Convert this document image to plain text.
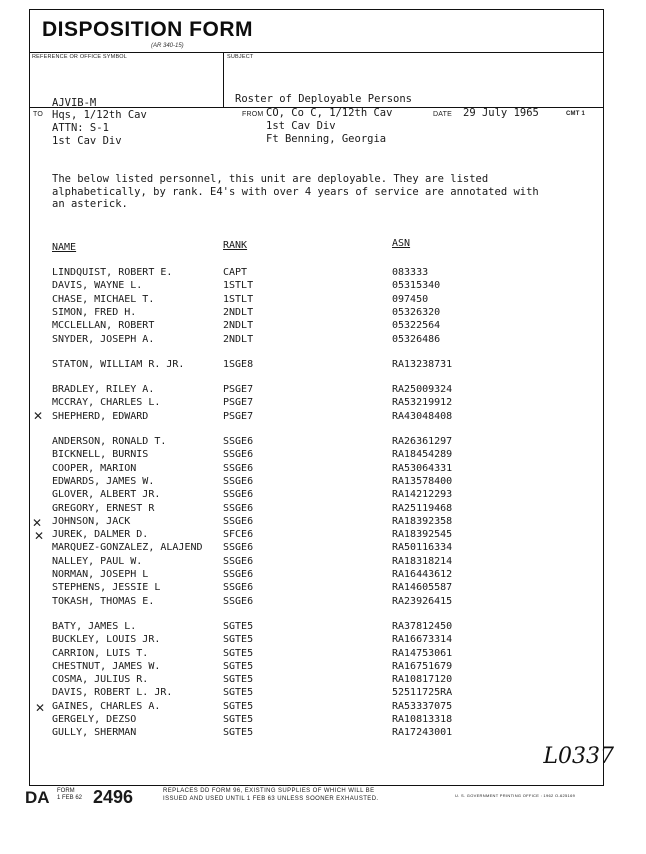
DISPOSITION FORM
(AR 340-15)
REFERENCE OR OFFICE SYMBOL	SUBJECT
AJVIB-M	Roster of Deployable Persons
TO Hqs, 1/12th Cav
ATTN: S-1
1st Cav Div
FROM CO, Co C, 1/12th Cav
1st Cav Div
Ft Benning, Georgia
DATE 29 July 1965	CMT 1
The below listed personnel, this unit are deployable. They are listed
alphabetically, by rank. E4's with over 4 years of service are annotated with
an asterick.
NAME	RANK	ASN
LINDQUIST, ROBERT E.	CAPT	083333
DAVIS, WAYNE L.	1STLT	05315340
CHASE, MICHAEL T.	1STLT	097450
SIMON, FRED H.	2NDLT	05326320
MCCLELLAN, ROBERT	2NDLT	05322564
SNYDER, JOSEPH A.	2NDLT	05326486
STATON, WILLIAM R. JR.	1SGE8	RA13238731
BRADLEY, RILEY A.	PSGE7	RA25009324
MCCRAY, CHARLES L.	PSGE7	RA53219912
SHEPHERD, EDWARD	PSGE7	RA43048408
ANDERSON, RONALD T.	SSGE6	RA26361297
BICKNELL, BURNIS	SSGE6	RA18454289
COOPER, MARION	SSGE6	RA53064331
EDWARDS, JAMES W.	SSGE6	RA13578400
GLOVER, ALBERT JR.	SSGE6	RA14212293
GREGORY, ERNEST R	SSGE6	RA25119468
JOHNSON, JACK	SSGE6	RA18392358
JUREK, DALMER D.	SFCE6	RA18392545
MARQUEZ-GONZALEZ, ALAJEND SSGE6	RA50116334
NALLEY, PAUL W.	SSGE6	RA18318214
NORMAN, JOSEPH L	SSGE6	RA16443612
STEPHENS, JESSIE L	SSGE6	RA14605587
TOKASH, THOMAS E.	SSGE6	RA23926415
BATY, JAMES L.	SGTE5	RA37812450
BUCKLEY, LOUIS JR.	SGTE5	RA16673314
CARRION, LUIS T.	SGTE5	RA14753061
CHESTNUT, JAMES W.	SGTE5	RA16751679
COSMA, JULIUS R.	SGTE5	RA10817120
DAVIS, ROBERT L. JR.	SGTE5	52511725RA
GAINES, CHARLES A.	SGTE5	RA53337075
GERGELY, DEZSO	SGTE5	RA10813318
GULLY, SHERMAN	SGTE5	RA17243001
✕
✕
✕
✕
L0337
DA FORM
1 FEB 62 2496	REPLACES DD FORM 96, EXISTING SUPPLIES OF WHICH WILL BE
ISSUED AND USED UNTIL 1 FEB 63 UNLESS SOONER EXHAUSTED.
U. S. GOVERNMENT PRINTING OFFICE : 1962 O-625169
